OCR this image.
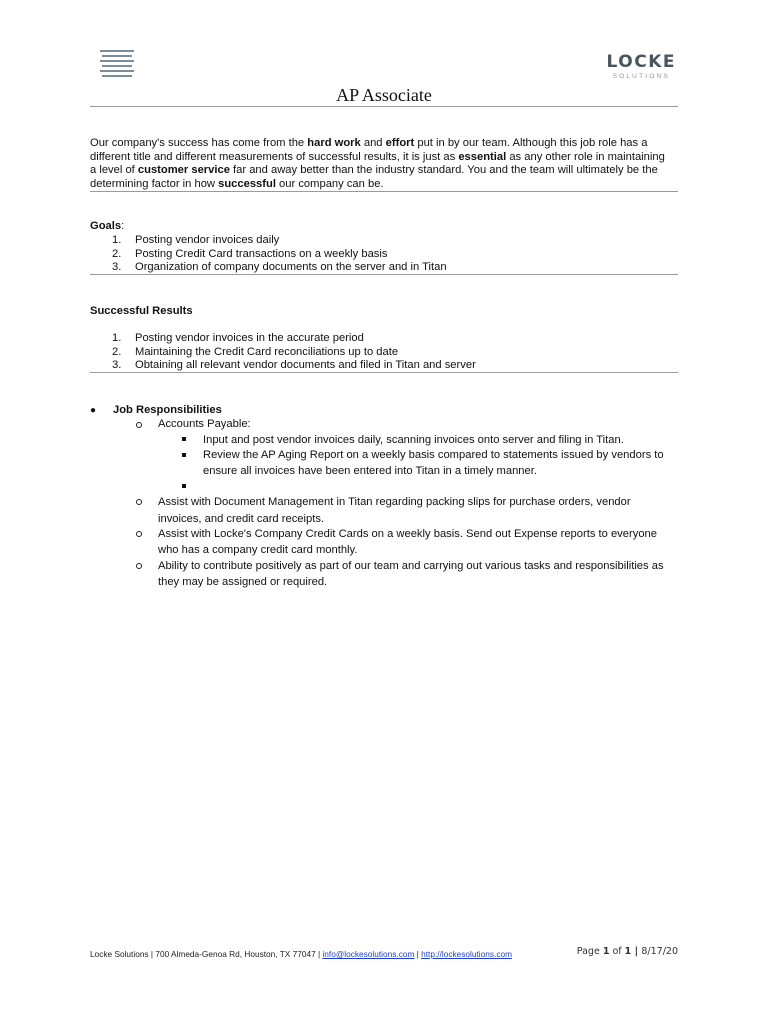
LOCKE
SOLUTIONS
AP Associate
Our company's success has come from the hard work and effort put in by our team. Although this job role has a
different title and different measurements of successful results, it is just as essential as any other role in maintaining
a level of customer service far and away better than the industry standard. You and the team will ultimately be the
determining factor in how successful our company can be.
Goals:
1.	Posting vendor invoices daily
2.	Posting Credit Card transactions on a weekly basis
3.	Organization of company documents on the server and in Titan
Successful Results
1.	Posting vendor invoices in the accurate period
2.	Maintaining the Credit Card reconciliations up to date
3.	Obtaining all relevant vendor documents and filed in Titan and server
● Job Responsibilities
Accounts Payable:
Input and post vendor invoices daily, scanning invoices onto server and filing in Titan.
Review the AP Aging Report on a weekly basis compared to statements issued by vendors to
ensure all invoices have been entered into Titan in a timely manner.
Assist with Document Management in Titan regarding packing slips for purchase orders, vendor
invoices, and credit card receipts.
Assist with Locke's Company Credit Cards on a weekly basis. Send out Expense reports to everyone
who has a company credit card monthly.
Ability to contribute positively as part of our team and carrying out various tasks and responsibilities as
they may be assigned or required.
Locke Solutions | 700 Almeda-Genoa Rd, Houston, TX 77047 | info@lockesolutions.com | http://lockesolutions.com	Page 1 of 1 | 8/17/20
